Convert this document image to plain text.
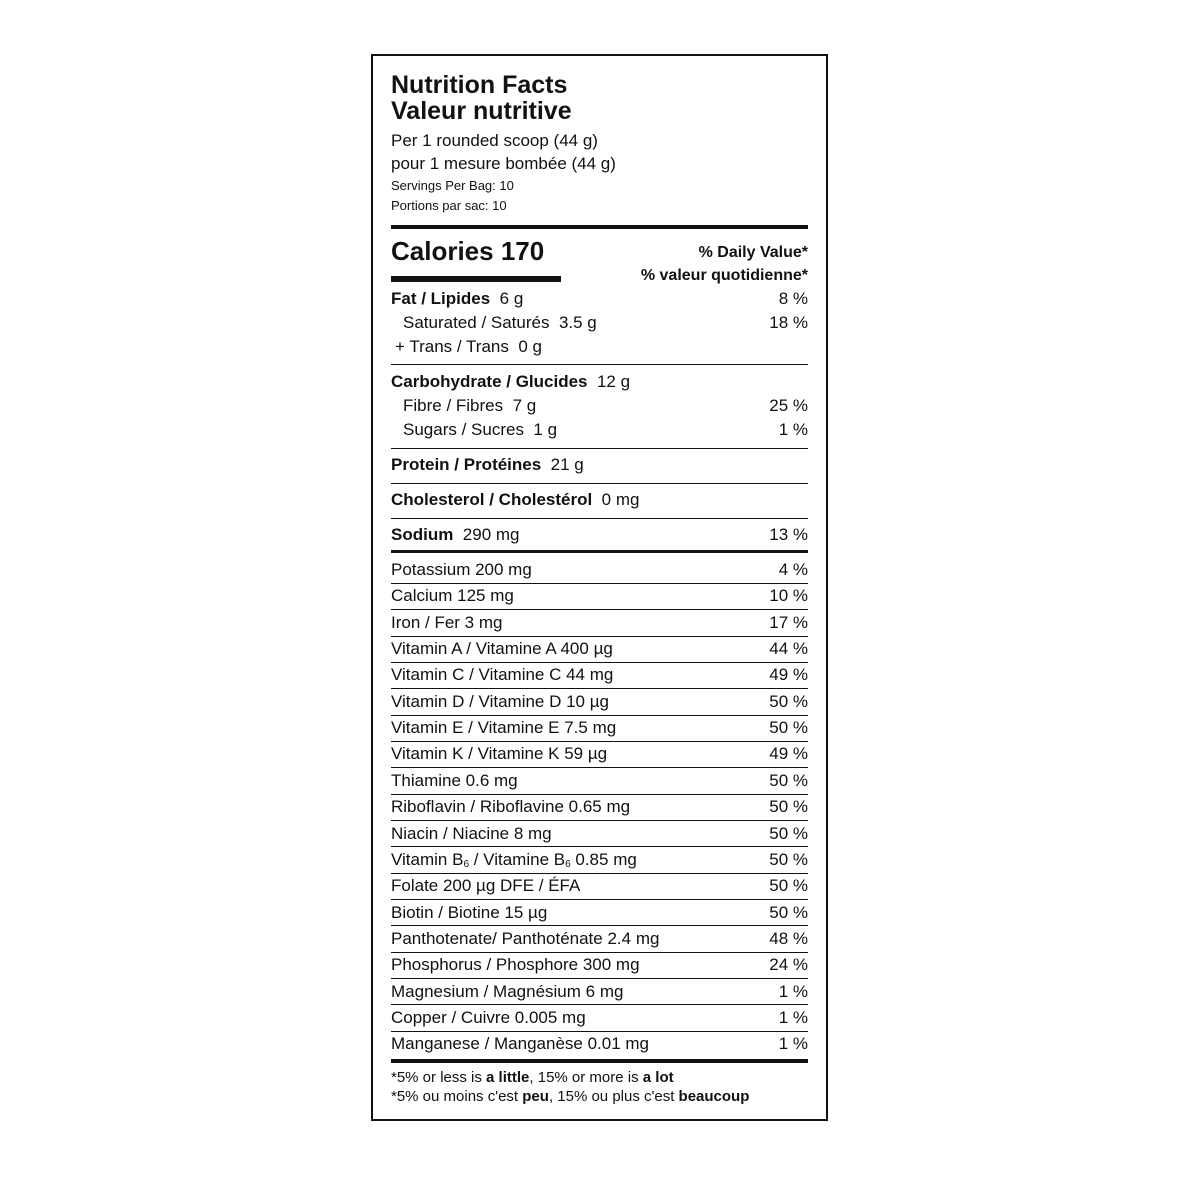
Nutrition Facts
Valeur nutritive
Per 1 rounded scoop (44 g)
pour 1 mesure bombée (44 g)
Servings Per Bag: 10
Portions par sac: 10
Calories 170	% Daily Value*
% valeur quotidienne*
Fat / Lipides 6 g	8 %
Saturated / Saturés 3.5 g	18 %
+ Trans / Trans 0 g
Carbohydrate / Glucides 12 g
Fibre / Fibres 7 g	25 %
Sugars / Sucres 1 g	1 %
Protein / Protéines 21 g
Cholesterol / Cholestérol 0 mg
Sodium 290 mg	13 %
Potassium 200 mg	4 %
Calcium 125 mg	10 %
Iron / Fer 3 mg	17 %
Vitamin A / Vitamine A 400 µg	44 %
Vitamin C / Vitamine C 44 mg	49 %
Vitamin D / Vitamine D 10 µg	50 %
Vitamin E / Vitamine E 7.5 mg	50 %
Vitamin K / Vitamine K 59 µg	49 %
Thiamine 0.6 mg	50 %
Riboflavin / Riboflavine 0.65 mg	50 %
Niacin / Niacine 8 mg	50 %
Vitamin $B_6$ / Vitamine $B_6$ 0.85 mg	50 %
Folate 200 µg DFE / ÉFA	50 %
Biotin / Biotine 15 µg	50 %
Panthotenate/ Panthoténate 2.4 mg	48 %
Phosphorus / Phosphore 300 mg	24 %
Magnesium / Magnésium 6 mg	1 %
Copper / Cuivre 0.005 mg	1 %
Manganese / Manganèse 0.01 mg	1 %
*5% or less is a little, 15% or more is a lot
*5% ou moins c'est peu, 15% ou plus c'est beaucoup
